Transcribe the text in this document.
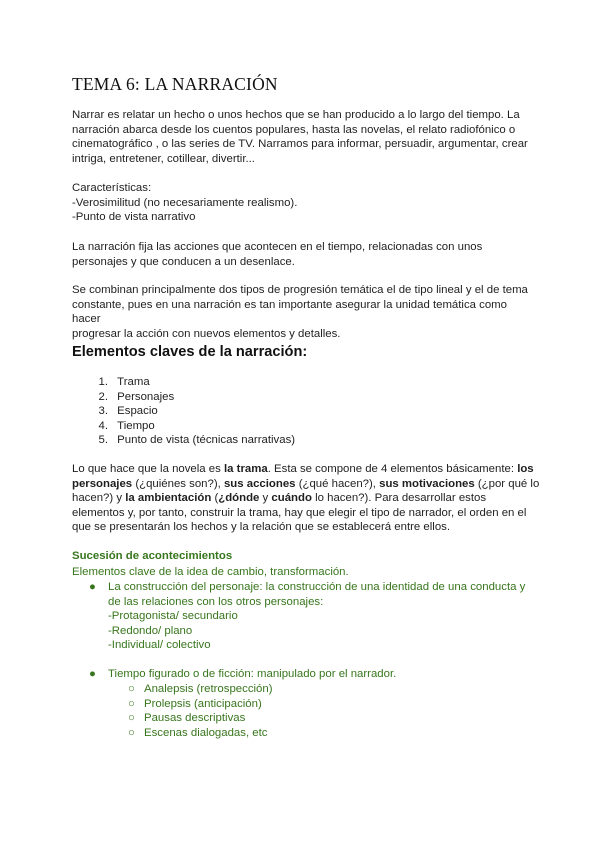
TEMA 6: LA NARRACIÓN
Narrar es relatar un hecho o unos hechos que se han producido a lo largo del tiempo. La
narración abarca desde los cuentos populares, hasta las novelas, el relato radiofónico o
cinematográfico , o las series de TV. Narramos para informar, persuadir, argumentar, crear
intriga, entretener, cotillear, divertir...
Características:
-Verosimilitud (no necesariamente realismo).
-Punto de vista narrativo
La narración fija las acciones que acontecen en el tiempo, relacionadas con unos
personajes y que conducen a un desenlace.
Se combinan principalmente dos tipos de progresión temática el de tipo lineal y el de tema
constante, pues en una narración es tan importante asegurar la unidad temática como hacer
progresar la acción con nuevos elementos y detalles.
Elementos claves de la narración:
1. Trama
2. Personajes
3. Espacio
4. Tiempo
5. Punto de vista (técnicas narrativas)
Lo que hace que la novela es la trama. Esta se compone de 4 elementos básicamente: los
personajes (¿quiénes son?), sus acciones (¿qué hacen?), sus motivaciones (¿por qué lo
hacen?) y la ambientación (¿dónde y cuándo lo hacen?). Para desarrollar estos
elementos y, por tanto, construir la trama, hay que elegir el tipo de narrador, el orden en el
que se presentarán los hechos y la relación que se establecerá entre ellos.
Sucesión de acontecimientos
Elementos clave de la idea de cambio, transformación.
● La construcción del personaje: la construcción de una identidad de una conducta y
de las relaciones con los otros personajes:
-Protagonista/ secundario
-Redondo/ plano
-Individual/ colectivo
● Tiempo figurado o de ficción: manipulado por el narrador.
○ Analepsis (retrospección)
○ Prolepsis (anticipación)
○ Pausas descriptivas
○ Escenas dialogadas, etc
